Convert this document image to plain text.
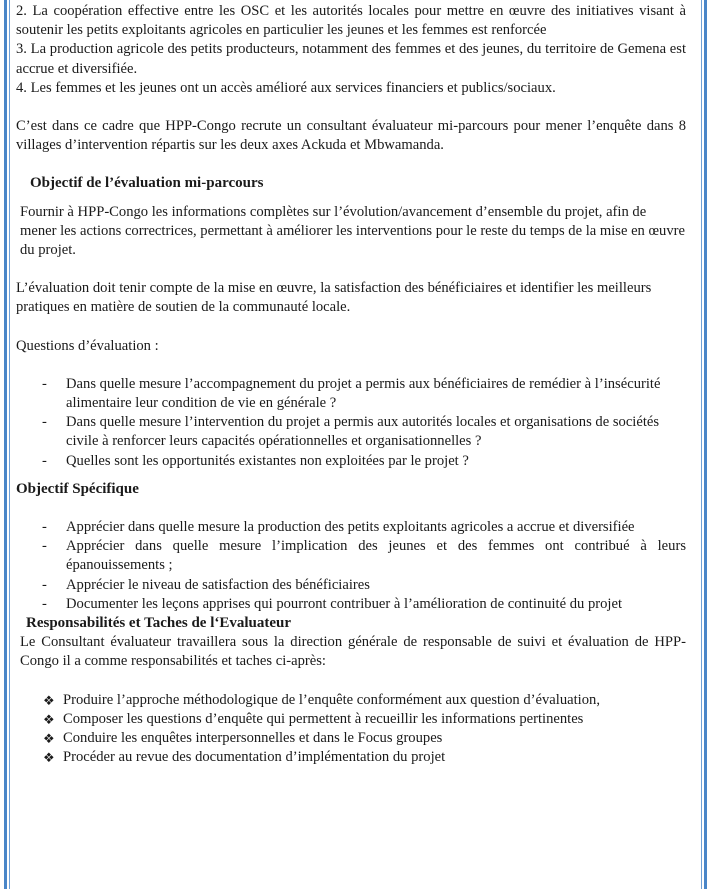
2. La coopération effective entre les OSC et les autorités locales pour mettre en œuvre des initiatives visant à soutenir les petits exploitants agricoles en particulier les jeunes et les femmes est renforcée

3. La production agricole des petits producteurs, notamment des femmes et des jeunes, du territoire de Gemena est accrue et diversifiée.

4. Les femmes et les jeunes ont un accès amélioré aux services financiers et publics/sociaux.

C’est dans ce cadre que HPP-Congo recrute un consultant évaluateur mi-parcours pour mener l’enquête dans 8 villages d’intervention répartis sur les deux axes Ackuda et Mbwamanda.

Objectif de l’évaluation mi-parcours

Fournir à HPP-Congo les informations complètes sur l’évolution/avancement d’ensemble du projet, afin de mener les actions correctrices, permettant à améliorer les interventions pour le reste du temps de la mise en œuvre du projet.

L’évaluation doit tenir compte de la mise en œuvre, la satisfaction des bénéficiaires et identifier les meilleurs pratiques en matière de soutien de la communauté locale.

Questions d’évaluation :

- Dans quelle mesure l’accompagnement du projet a permis aux bénéficiaires de remédier à l’insécurité alimentaire leur condition de vie en générale ?
- Dans quelle mesure l’intervention du projet a permis aux autorités locales et organisations de sociétés civile à renforcer leurs capacités opérationnelles et organisationnelles ?
- Quelles sont les opportunités existantes non exploitées par le projet ?

Objectif Spécifique

- Apprécier dans quelle mesure la production des petits exploitants agricoles a accrue et diversifiée
- Apprécier dans quelle mesure l’implication des jeunes et des femmes ont contribué à leurs épanouissements ;
- Apprécier le niveau de satisfaction des bénéficiaires
- Documenter les leçons apprises qui pourront contribuer à l’amélioration de continuité du projet

Responsabilités et Taches de l‘Evaluateur

Le Consultant évaluateur travaillera sous la direction générale de responsable de suivi et évaluation de HPP-Congo il a comme responsabilités et taches ci-après:

❖ Produire l’approche méthodologique de l’enquête conformément aux question d’évaluation,
❖ Composer les questions d’enquête qui permettent à recueillir les informations pertinentes
❖ Conduire les enquêtes interpersonnelles et dans le Focus groupes
❖ Procéder au revue des documentation d’implémentation du projet
